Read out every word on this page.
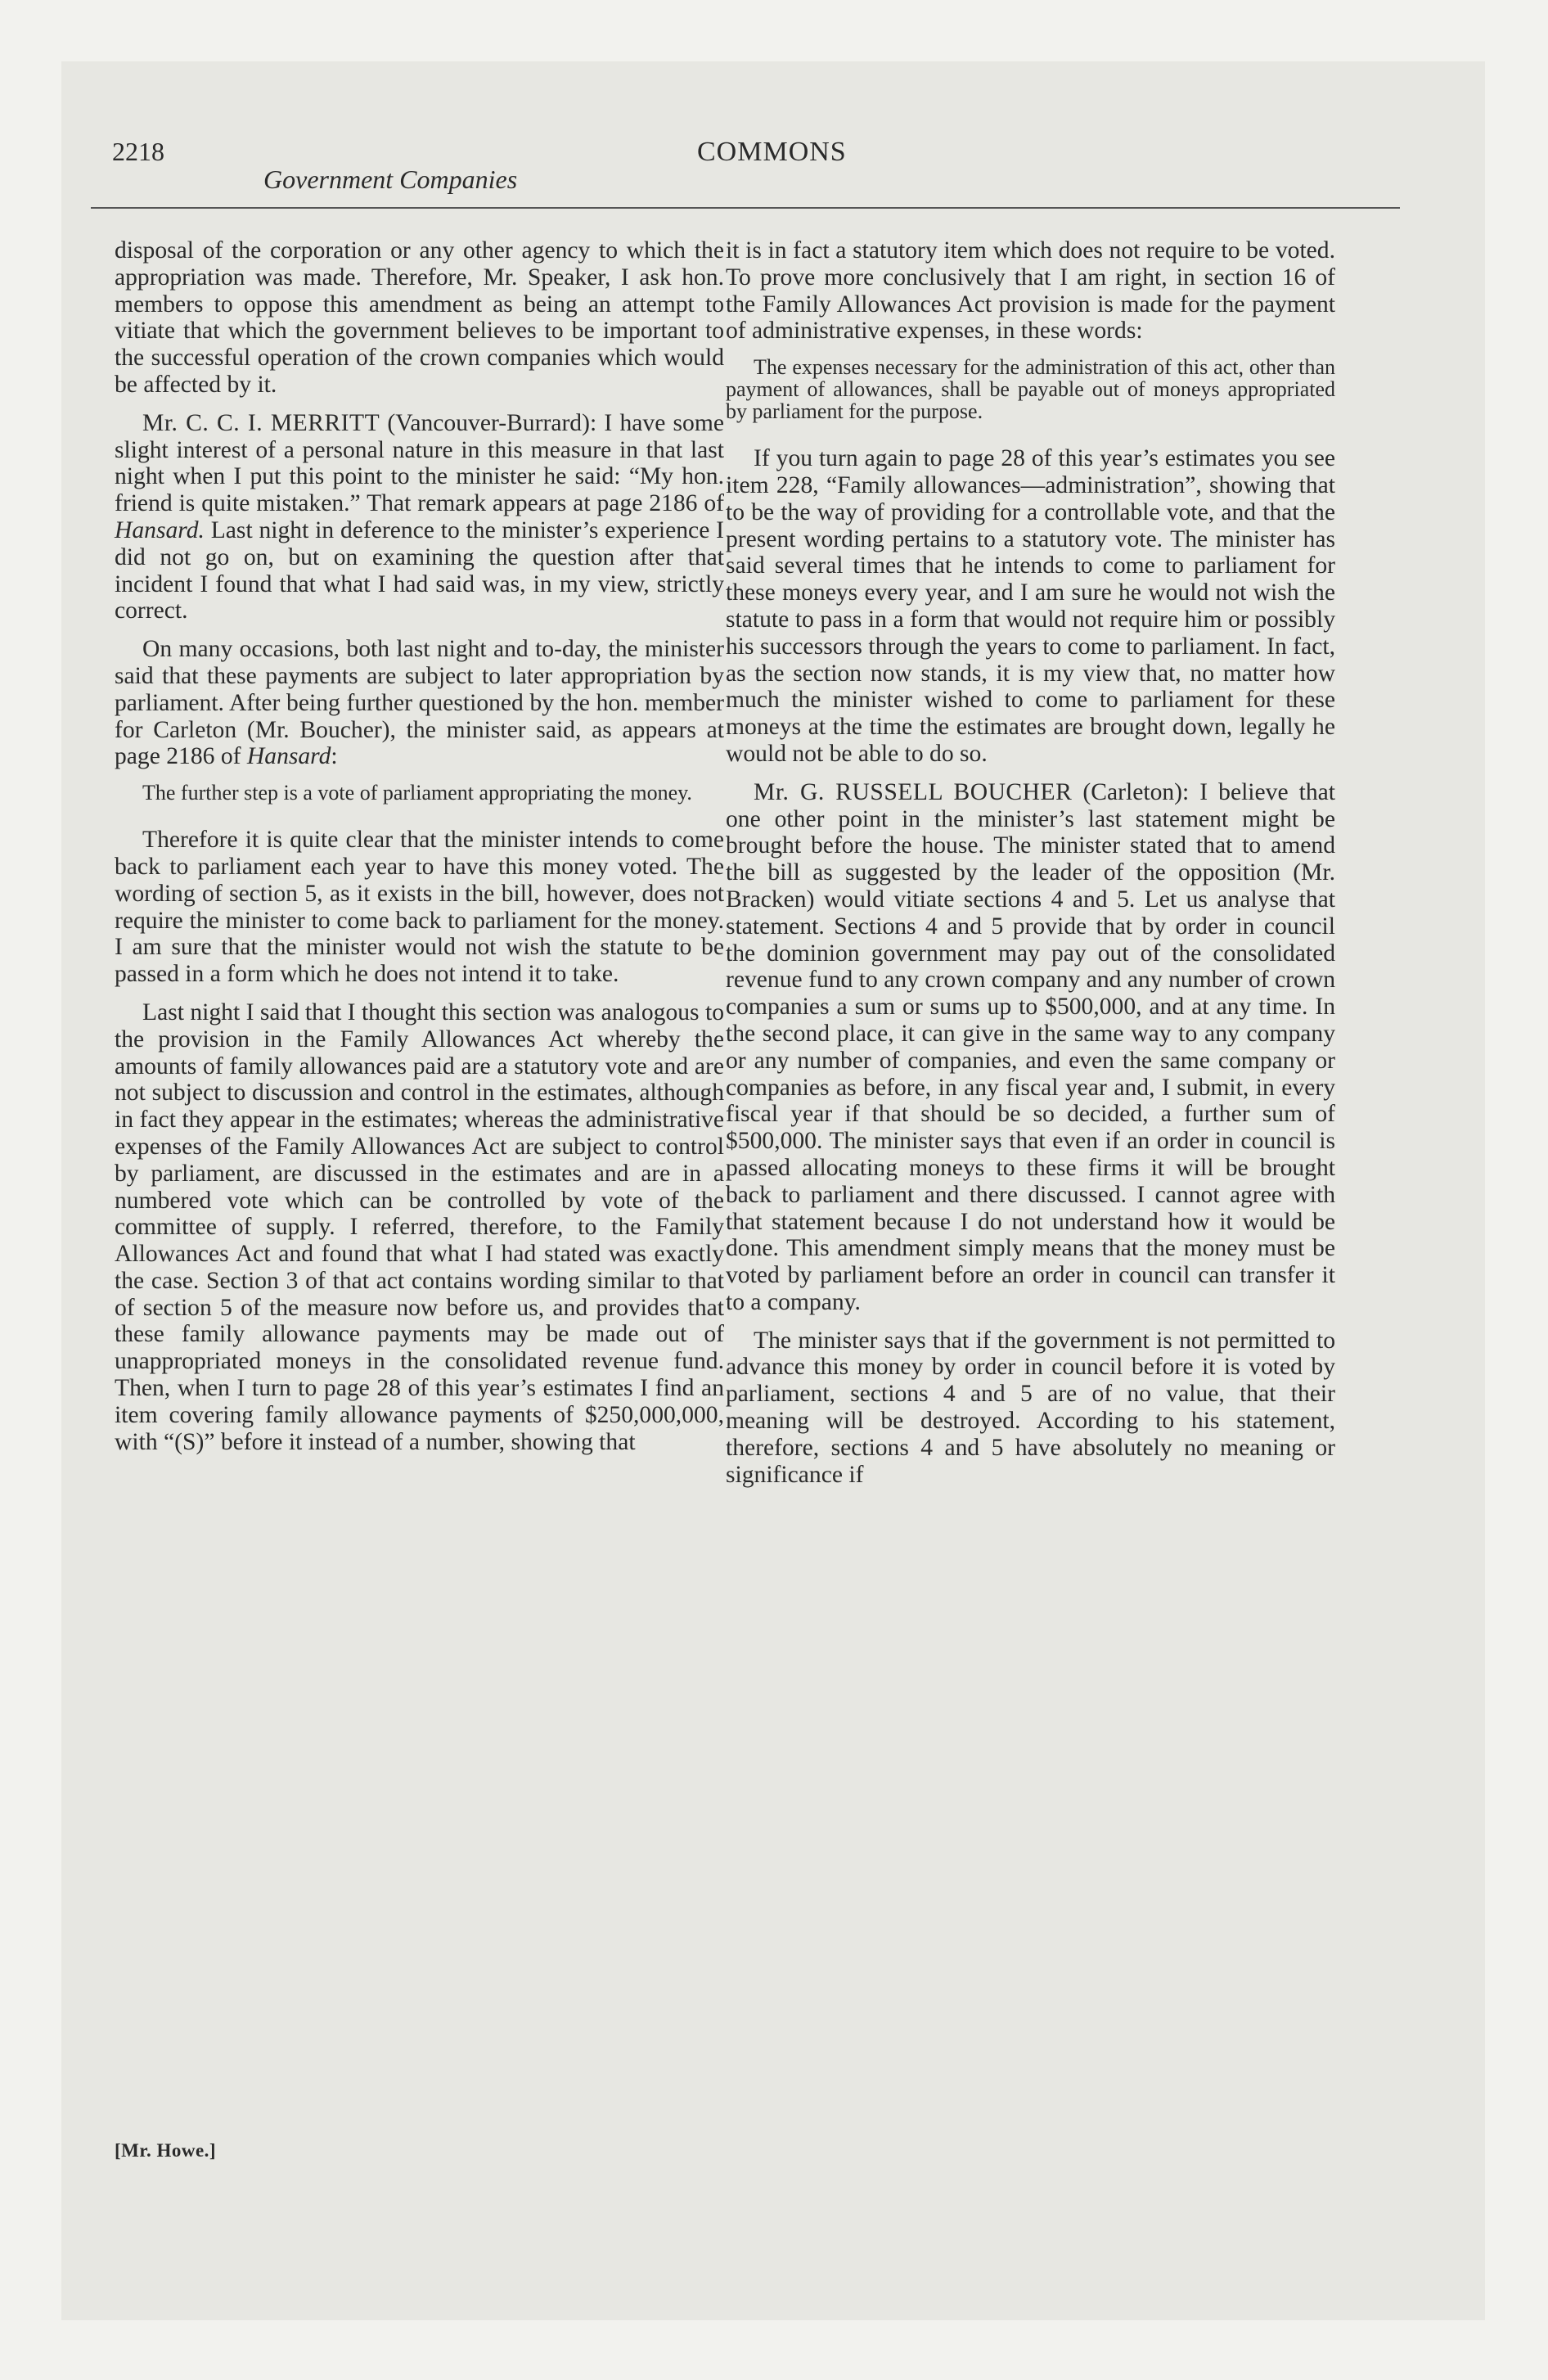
2218
Government Companies
COMMONS

disposal of the corporation or any other agency to which the appropriation was made. Therefore, Mr. Speaker, I ask hon. members to oppose this amendment as being an attempt to vitiate that which the government believes to be important to the successful operation of the crown companies which would be affected by it.

Mr. C. C. I. MERRITT (Vancouver-Burrard): I have some slight interest of a personal nature in this measure in that last night when I put this point to the minister he said: “My hon. friend is quite mistaken.” That remark appears at page 2186 of Hansard. Last night in deference to the minister’s experience I did not go on, but on examining the question after that incident I found that what I had said was, in my view, strictly correct.

On many occasions, both last night and to-day, the minister said that these payments are subject to later appropriation by parliament. After being further questioned by the hon. member for Carleton (Mr. Boucher), the minister said, as appears at page 2186 of Hansard:

The further step is a vote of parliament appropriating the money.

Therefore it is quite clear that the minister intends to come back to parliament each year to have this money voted. The wording of section 5, as it exists in the bill, however, does not require the minister to come back to parliament for the money. I am sure that the minister would not wish the statute to be passed in a form which he does not intend it to take.

Last night I said that I thought this section was analogous to the provision in the Family Allowances Act whereby the amounts of family allowances paid are a statutory vote and are not subject to discussion and control in the estimates, although in fact they appear in the estimates; whereas the administrative expenses of the Family Allowances Act are subject to control by parliament, are discussed in the estimates and are in a numbered vote which can be controlled by vote of the committee of supply. I referred, therefore, to the Family Allowances Act and found that what I had stated was exactly the case. Section 3 of that act contains wording similar to that of section 5 of the measure now before us, and provides that these family allowance payments may be made out of unappropriated moneys in the consolidated revenue fund. Then, when I turn to page 28 of this year’s estimates I find an item covering family allowance payments of $250,000,000, with “(S)” before it instead of a number, showing that

it is in fact a statutory item which does not require to be voted. To prove more conclusively that I am right, in section 16 of the Family Allowances Act provision is made for the payment of administrative expenses, in these words:

The expenses necessary for the administration of this act, other than payment of allowances, shall be payable out of moneys appropriated by parliament for the purpose.

If you turn again to page 28 of this year’s estimates you see item 228, “Family allowances—administration”, showing that to be the way of providing for a controllable vote, and that the present wording pertains to a statutory vote. The minister has said several times that he intends to come to parliament for these moneys every year, and I am sure he would not wish the statute to pass in a form that would not require him or possibly his successors through the years to come to parliament. In fact, as the section now stands, it is my view that, no matter how much the minister wished to come to parliament for these moneys at the time the estimates are brought down, legally he would not be able to do so.

Mr. G. RUSSELL BOUCHER (Carleton): I believe that one other point in the minister’s last statement might be brought before the house. The minister stated that to amend the bill as suggested by the leader of the opposition (Mr. Bracken) would vitiate sections 4 and 5. Let us analyse that statement. Sections 4 and 5 provide that by order in council the dominion government may pay out of the consolidated revenue fund to any crown company and any number of crown companies a sum or sums up to $500,000, and at any time. In the second place, it can give in the same way to any company or any number of companies, and even the same company or companies as before, in any fiscal year and, I submit, in every fiscal year if that should be so decided, a further sum of $500,000. The minister says that even if an order in council is passed allocating moneys to these firms it will be brought back to parliament and there discussed. I cannot agree with that statement because I do not understand how it would be done. This amendment simply means that the money must be voted by parliament before an order in council can transfer it to a company.

The minister says that if the government is not permitted to advance this money by order in council before it is voted by parliament, sections 4 and 5 are of no value, that their meaning will be destroyed. According to his statement, therefore, sections 4 and 5 have absolutely no meaning or significance if

[Mr. Howe.]
